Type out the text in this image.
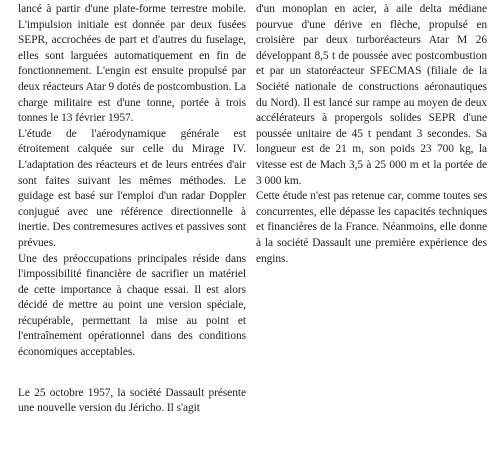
lancé à partir d'une plate-forme terrestre mobile. L'impulsion initiale est donnée par deux fusées SEPR, accrochées de part et d'autres du fuselage, elles sont larguées automatiquement en fin de fonctionnement. L'engin est ensuite propulsé par deux réacteurs Atar 9 dotés de postcombustion. La charge militaire est d'une tonne, portée à trois tonnes le 13 février 1957.

L'étude de l'aérodynamique générale est étroitement calquée sur celle du Mirage IV. L'adaptation des réacteurs et de leurs entrées d'air sont faites suivant les mêmes méthodes. Le guidage est basé sur l'emploi d'un radar Doppler conjugué avec une référence directionnelle à inertie. Des contremesures actives et passives sont prévues.

Une des préoccupations principales réside dans l'impossibilité financière de sacrifier un matériel de cette importance à chaque essai. Il est alors décidé de mettre au point une version spéciale, récupérable, permettant la mise au point et l'entraînement opérationnel dans des conditions économiques acceptables.

Le 25 octobre 1957, la société Dassault présente une nouvelle version du Jéricho. Il s'agit

d'un monoplan en acier, à aile delta médiane pourvue d'une dérive en flèche, propulsé en croisière par deux turboréacteurs Atar M 26 développant 8,5 t de poussée avec postcombustion et par un statoréacteur SFECMAS (filiale de la Société nationale de constructions aéronautiques du Nord). Il est lancé sur rampe au moyen de deux accélérateurs à propergols solides SEPR d'une poussée unitaire de 45 t pendant 3 secondes. Sa longueur est de 21 m, son poids 23 700 kg, la vitesse est de Mach 3,5 à 25 000 m et la portée de 3 000 km.

Cette étude n'est pas retenue car, comme toutes ses concurrentes, elle dépasse les capacités techniques et financières de la France. Néanmoins, elle donne à la société Dassault une première expérience des engins.
